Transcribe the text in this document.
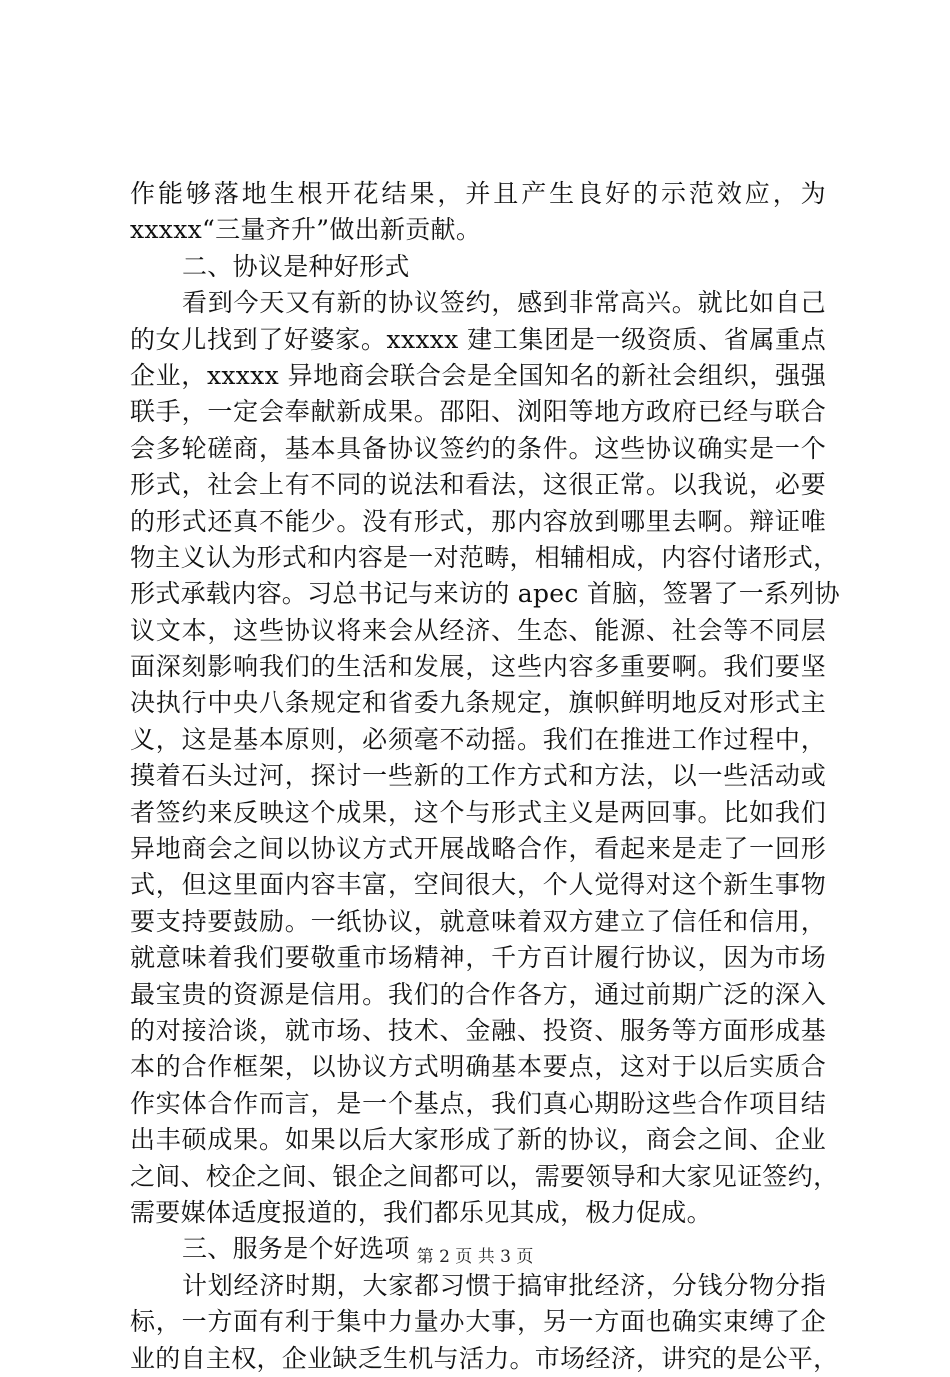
作能够落地生根开花结果，并且产生良好的示范效应，为
xxxxx“三量齐升”做出新贡献。
二、协议是种好形式
看到今天又有新的协议签约，感到非常高兴。就比如自己
的女儿找到了好婆家。xxxxx 建工集团是一级资质、省属重点
企业，xxxxx 异地商会联合会是全国知名的新社会组织，强强
联手，一定会奉献新成果。邵阳、浏阳等地方政府已经与联合
会多轮磋商，基本具备协议签约的条件。这些协议确实是一个
形式，社会上有不同的说法和看法，这很正常。以我说，必要
的形式还真不能少。没有形式，那内容放到哪里去啊。辩证唯
物主义认为形式和内容是一对范畴，相辅相成，内容付诸形式，
形式承载内容。习总书记与来访的 apec 首脑，签署了一系列协
议文本，这些协议将来会从经济、生态、能源、社会等不同层
面深刻影响我们的生活和发展，这些内容多重要啊。我们要坚
决执行中央八条规定和省委九条规定，旗帜鲜明地反对形式主
义，这是基本原则，必须毫不动摇。我们在推进工作过程中，
摸着石头过河，探讨一些新的工作方式和方法，以一些活动或
者签约来反映这个成果，这个与形式主义是两回事。比如我们
异地商会之间以协议方式开展战略合作，看起来是走了一回形
式，但这里面内容丰富，空间很大，个人觉得对这个新生事物
要支持要鼓励。一纸协议，就意味着双方建立了信任和信用，
就意味着我们要敬重市场精神，千方百计履行协议，因为市场
最宝贵的资源是信用。我们的合作各方，通过前期广泛的深入
的对接洽谈，就市场、技术、金融、投资、服务等方面形成基
本的合作框架，以协议方式明确基本要点，这对于以后实质合
作实体合作而言，是一个基点，我们真心期盼这些合作项目结
出丰硕成果。如果以后大家形成了新的协议，商会之间、企业
之间、校企之间、银企之间都可以，需要领导和大家见证签约，
需要媒体适度报道的，我们都乐见其成，极力促成。
三、服务是个好选项
计划经济时期，大家都习惯于搞审批经济，分钱分物分指
标，一方面有利于集中力量办大事，另一方面也确实束缚了企
业的自主权，企业缺乏生机与活力。市场经济，讲究的是公平，
第 2 页 共 3 页
